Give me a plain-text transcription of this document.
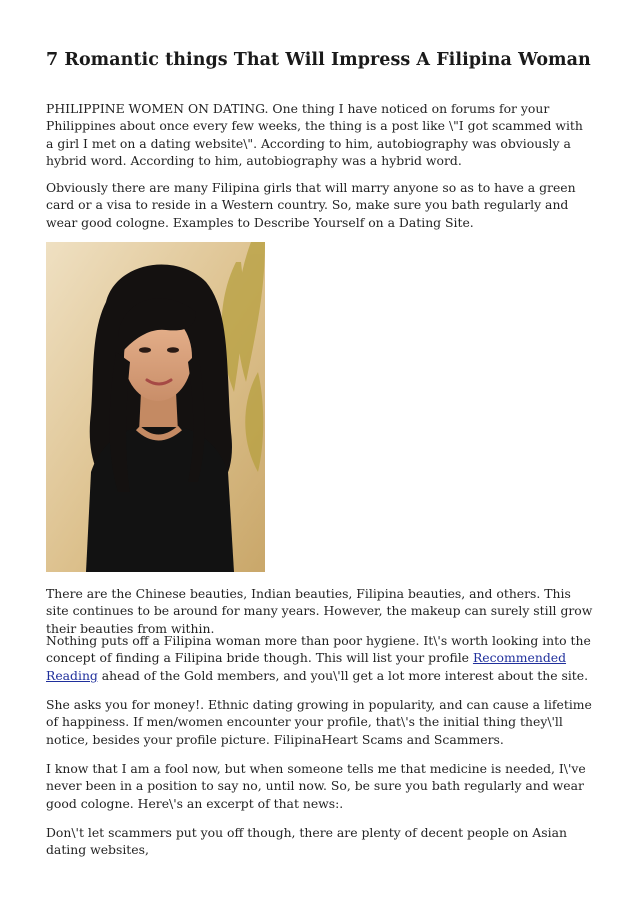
7 Romantic things That Will Impress A Filipina Woman

PHILIPPINE WOMEN ON DATING. One thing I have noticed on forums for your Philippines about once every few weeks, the thing is a post like \"I got scammed with a girl I met on a dating website\". According to him, autobiography was obviously a hybrid word. According to him, autobiography was a hybrid word.

Obviously there are many Filipina girls that will marry anyone so as to have a green card or a visa to reside in a Western country. So, make sure you bath regularly and wear good cologne. Examples to Describe Yourself on a Dating Site.

There are the Chinese beauties, Indian beauties, Filipina beauties, and others. This site continues to be around for many years. However, the makeup can surely still grow their beauties from within.

Nothing puts off a Filipina woman more than poor hygiene. It\'s worth looking into the concept of finding a Filipina bride though. This will list your profile Recommended Reading ahead of the Gold members, and you\'ll get a lot more interest about the site.

She asks you for money!. Ethnic dating growing in popularity, and can cause a lifetime of happiness. If men/women encounter your profile, that\'s the initial thing they\'ll notice, besides your profile picture. FilipinaHeart Scams and Scammers.

I know that I am a fool now, but when someone tells me that medicine is needed, I\'ve never been in a position to say no, until now. So, be sure you bath regularly and wear good cologne. Here\'s an excerpt of that news:.

Don\'t let scammers put you off though, there are plenty of decent people on Asian dating websites,
